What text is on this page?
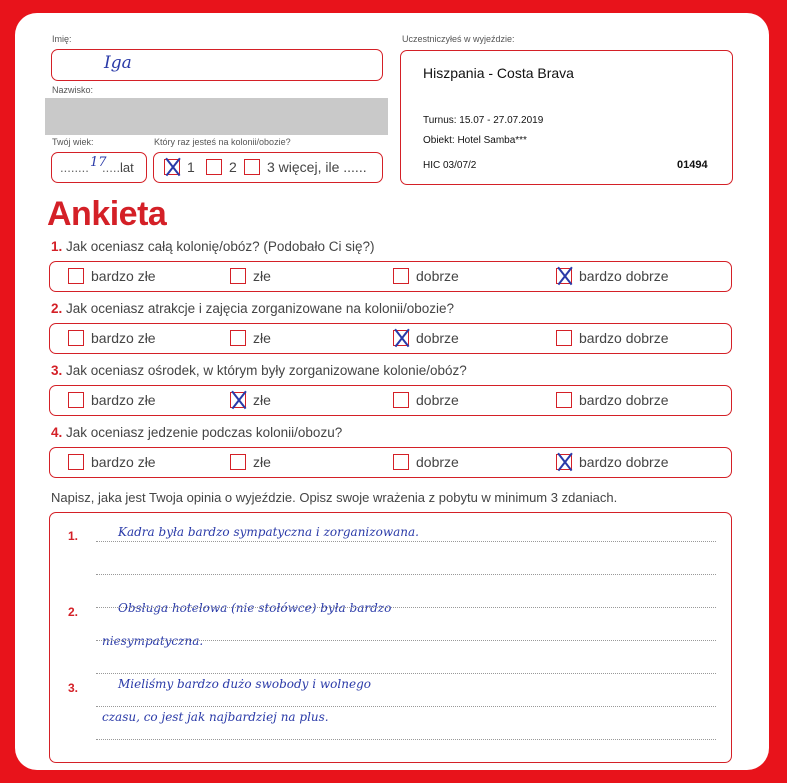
Imię:
Iga
Nazwisko:
Twój wiek:
........ 17
......
lat
Który raz jesteś na kolonii/obozie?
1 2 3 więcej, ile ......
Uczestniczyłeś w wyjeździe:
Hiszpania - Costa Brava
Turnus: 15.07 - 27.07.2019
Obiekt: Hotel Samba***
HIC 03/07/2	01494
Ankieta
1. Jak oceniasz całą kolonię/obóz? (Podobało Ci się?)
bardzo złe	złe	dobrze	bardzo dobrze
2. Jak oceniasz atrakcje i zajęcia zorganizowane na kolonii/obozie?
bardzo złe	złe	dobrze	bardzo dobrze
3. Jak oceniasz ośrodek, w którym były zorganizowane kolonie/obóz?
bardzo złe	złe	dobrze	bardzo dobrze
4. Jak oceniasz jedzenie podczas kolonii/obozu?
bardzo złe	złe	dobrze	bardzo dobrze
Napisz, jaka jest Twoja opinia o wyjeździe. Opisz swoje wrażenia z pobytu w minimum 3 zdaniach.
1.	Kadra była bardzo sympatyczna i zorganizowana.
2.	Obsługa hotelowa (nie stołówce) była bardzo
niesympatyczna.
3.	Mieliśmy bardzo dużo swobody i wolnego
czasu, co jest jak najbardziej na plus.
